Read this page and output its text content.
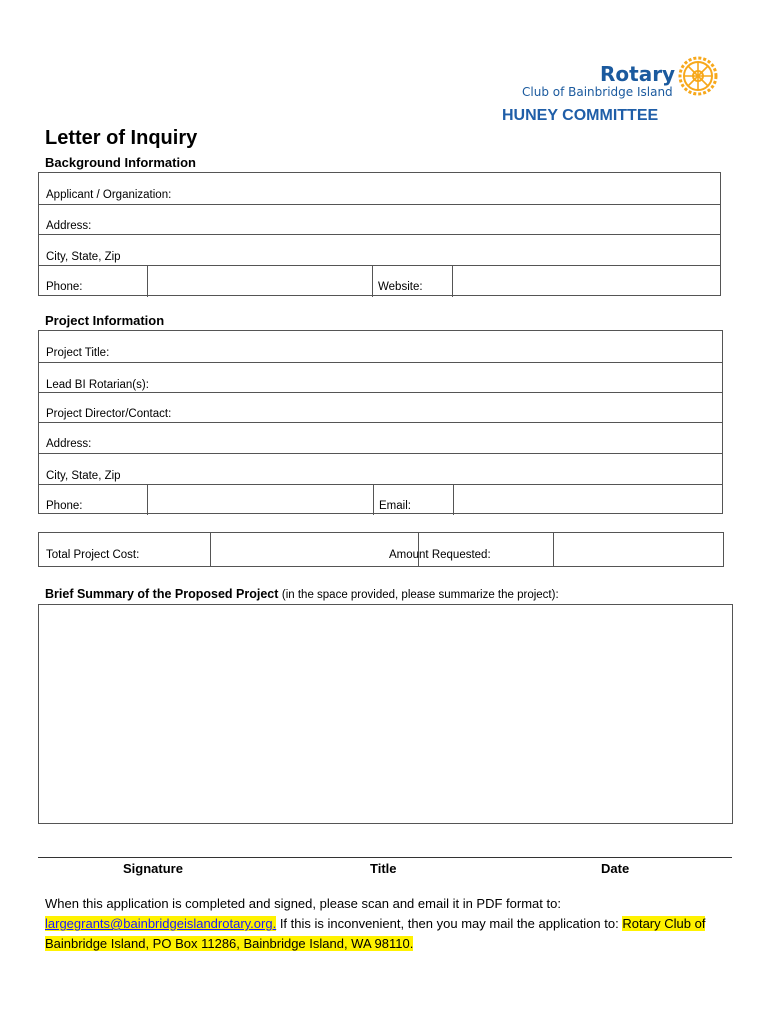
Rotary
Club of Bainbridge Island
HUNEY COMMITTEE
Letter of Inquiry
Background Information
Applicant / Organization:
Address:
City, State, Zip
Phone:	Website:
Project Information
Project Title:
Lead BI Rotarian(s):
Project Director/Contact:
Address:
City, State, Zip
Phone:	Email:
Total Project Cost:	Amount Requested:
Brief Summary of the Proposed Project (in the space provided, please summarize the project):
Signature	Title	Date
When this application is completed and signed, please scan and email it in PDF format to:
largegrants@bainbridgeislandrotary.org. If this is inconvenient, then you may mail the application to: Rotary Club of Bainbridge Island, PO Box 11286, Bainbridge Island, WA 98110.
